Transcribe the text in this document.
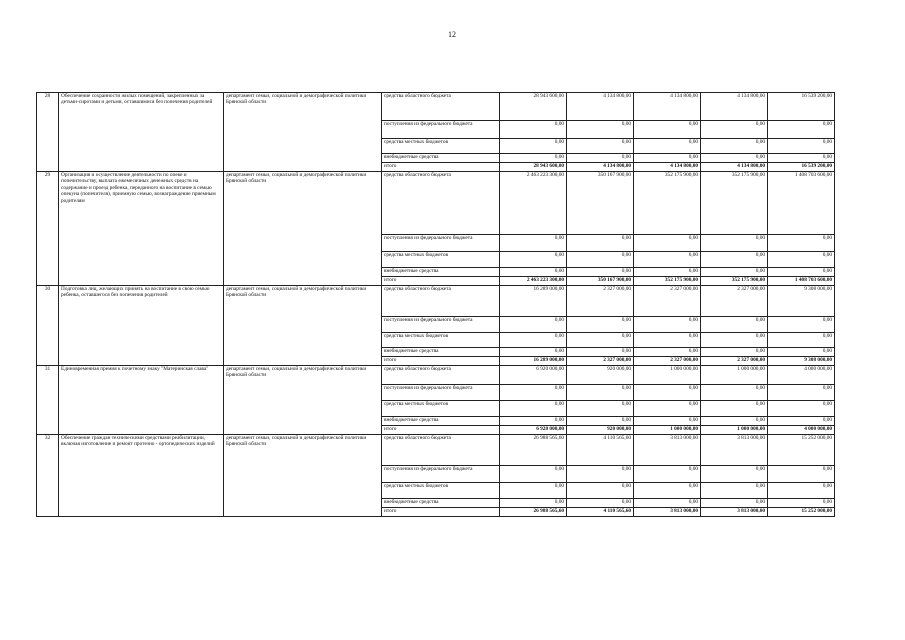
12
28	Обеспечение сохранности жилых помещений, закрепленных за детьми-сиротами и детьми, оставшимися без попечения родителей	департамент семьи, социальной и демографической политики Брянской области	средства областного бюджета	28 943 600,00	4 134 800,00	4 134 800,00	4 134 800,00	16 539 200,00
			поступления из федерального бюджета	0,00	0,00	0,00	0,00	0,00
			средства местных бюджетов	0,00	0,00	0,00	0,00	0,00
			внебюджетные средства	0,00	0,00	0,00	0,00	0,00
			итого	28 943 600,00	4 134 800,00	4 134 800,00	4 134 800,00	16 539 200,00
29	Организация и осуществление деятельности по опеке и попечительству, выплата ежемесячных денежных средств на содержание и проезд ребенка, переданного на воспитание в семью опекуна (попечителя), приемную семью, вознаграждение приемным родителям	департамент семьи, социальной и демографической политики Брянской области	средства областного бюджета	2 463 223 300,00	350 167 900,00	352 175 900,00	352 175 900,00	1 408 703 600,00
			поступления из федерального бюджета	0,00	0,00	0,00	0,00	0,00
			средства местных бюджетов	0,00	0,00	0,00	0,00	0,00
			внебюджетные средства	0,00	0,00	0,00	0,00	0,00
			итого	2 463 223 300,00	350 167 900,00	352 175 900,00	352 175 900,00	1 408 703 600,00
30	Подготовка лиц, желающих принять на воспитание в свою семью ребенка, оставшегося без попечения родителей	департамент семьи, социальной и демографической политики Брянской области	средства областного бюджета	16 289 000,00	2 327 000,00	2 327 000,00	2 327 000,00	9 308 000,00
			поступления из федерального бюджета	0,00	0,00	0,00	0,00	0,00
			средства местных бюджетов	0,00	0,00	0,00	0,00	0,00
			внебюджетные средства	0,00	0,00	0,00	0,00	0,00
			итого	16 289 000,00	2 327 000,00	2 327 000,00	2 327 000,00	9 308 000,00
31	Единовременная премия к почетному знаку "Материнская слава"	департамент семьи, социальной и демографической политики Брянской области	средства областного бюджета	6 920 000,00	920 000,00	1 000 000,00	1 000 000,00	4 000 000,00
			поступления из федерального бюджета	0,00	0,00	0,00	0,00	0,00
			средства местных бюджетов	0,00	0,00	0,00	0,00	0,00
			внебюджетные средства	0,00	0,00	0,00	0,00	0,00
			итого	6 920 000,00	920 000,00	1 000 000,00	1 000 000,00	4 000 000,00
32	Обеспечение граждан техническими средствами реабилитации, включая изготовление и ремонт протезно - ортопедических изделий	департамент семьи, социальной и демографической политики Брянской области	средства областного бюджета	26 988 565,60	4 110 565,60	3 813 000,00	3 813 000,00	15 252 000,00
			поступления из федерального бюджета	0,00	0,00	0,00	0,00	0,00
			средства местных бюджетов	0,00	0,00	0,00	0,00	0,00
			внебюджетные средства	0,00	0,00	0,00	0,00	0,00
			итого	26 988 565,60	4 110 565,60	3 813 000,00	3 813 000,00	15 252 000,00
